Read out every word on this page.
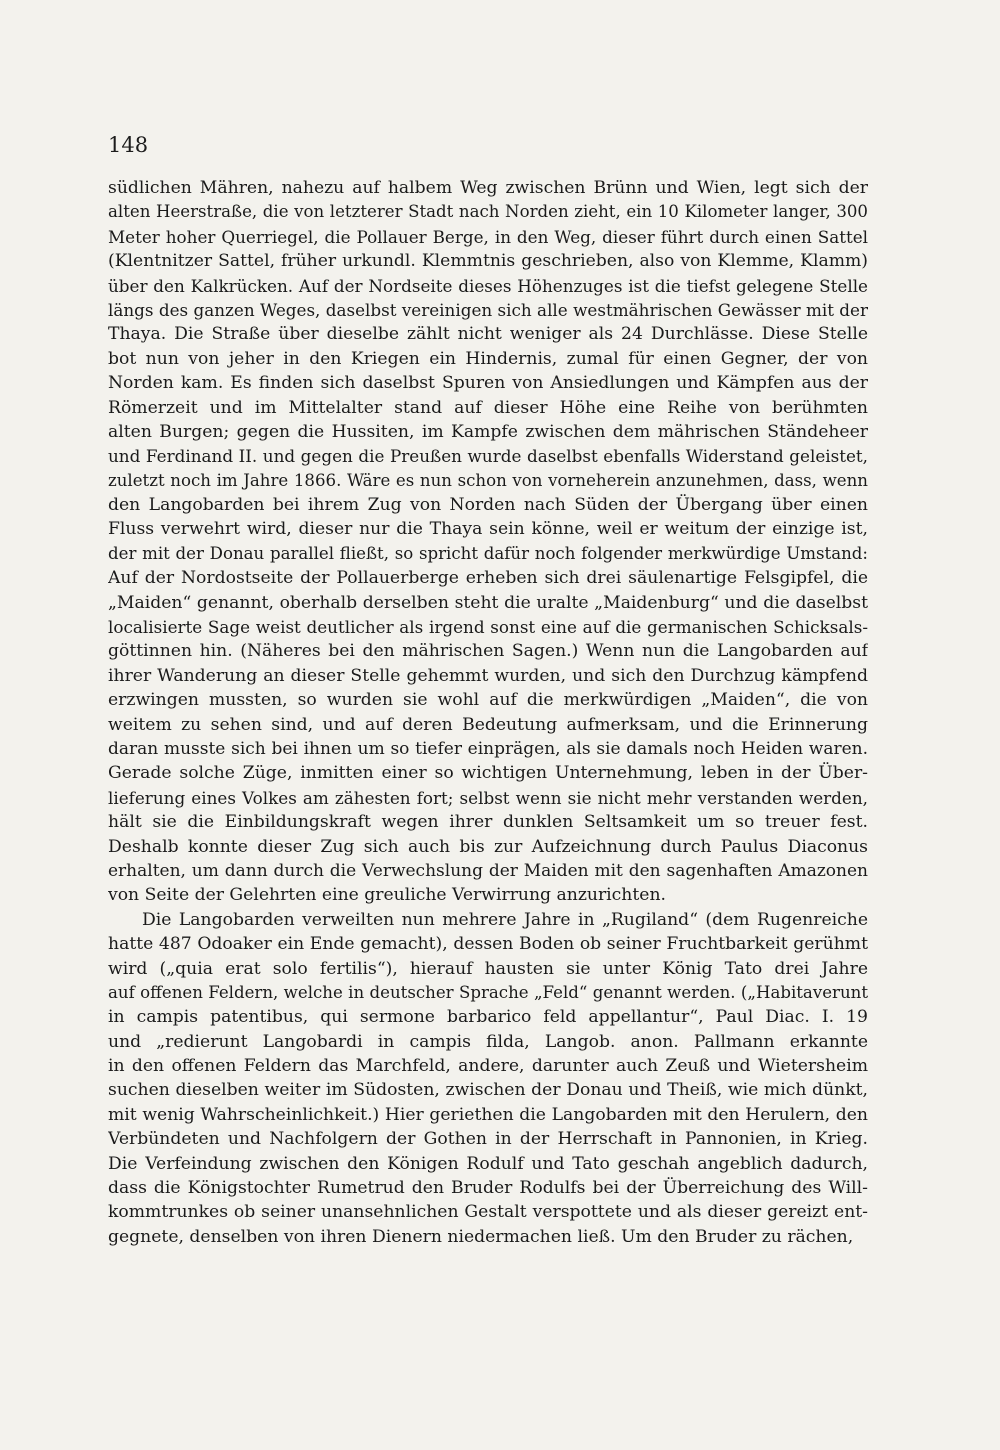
148
südlichen Mähren, nahezu auf halbem Weg zwischen Brünn und Wien, legt sich der
alten Heerstraße, die von letzterer Stadt nach Norden zieht, ein 10 Kilometer langer, 300
Meter hoher Querriegel, die Pollauer Berge, in den Weg, dieser führt durch einen Sattel
(Klentnitzer Sattel, früher urkundl. Klemmtnis geschrieben, also von Klemme, Klamm)
über den Kalkrücken. Auf der Nordseite dieses Höhenzuges ist die tiefst gelegene Stelle
längs des ganzen Weges, daselbst vereinigen sich alle westmährischen Gewässer mit der
Thaya. Die Straße über dieselbe zählt nicht weniger als 24 Durchlässe. Diese Stelle
bot nun von jeher in den Kriegen ein Hindernis, zumal für einen Gegner, der von
Norden kam. Es finden sich daselbst Spuren von Ansiedlungen und Kämpfen aus der
Römerzeit und im Mittelalter stand auf dieser Höhe eine Reihe von berühmten
alten Burgen; gegen die Hussiten, im Kampfe zwischen dem mährischen Ständeheer
und Ferdinand II. und gegen die Preußen wurde daselbst ebenfalls Widerstand geleistet,
zuletzt noch im Jahre 1866. Wäre es nun schon von vorneherein anzunehmen, dass, wenn
den Langobarden bei ihrem Zug von Norden nach Süden der Übergang über einen
Fluss verwehrt wird, dieser nur die Thaya sein könne, weil er weitum der einzige ist,
der mit der Donau parallel fließt, so spricht dafür noch folgender merkwürdige Umstand:
Auf der Nordostseite der Pollauerberge erheben sich drei säulenartige Felsgipfel, die
„Maiden“ genannt, oberhalb derselben steht die uralte „Maidenburg“ und die daselbst
localisierte Sage weist deutlicher als irgend sonst eine auf die germanischen Schicksals-
göttinnen hin. (Näheres bei den mährischen Sagen.) Wenn nun die Langobarden auf
ihrer Wanderung an dieser Stelle gehemmt wurden, und sich den Durchzug kämpfend
erzwingen mussten, so wurden sie wohl auf die merkwürdigen „Maiden“, die von
weitem zu sehen sind, und auf deren Bedeutung aufmerksam, und die Erinnerung
daran musste sich bei ihnen um so tiefer einprägen, als sie damals noch Heiden waren.
Gerade solche Züge, inmitten einer so wichtigen Unternehmung, leben in der Über-
lieferung eines Volkes am zähesten fort; selbst wenn sie nicht mehr verstanden werden,
hält sie die Einbildungskraft wegen ihrer dunklen Seltsamkeit um so treuer fest.
Deshalb konnte dieser Zug sich auch bis zur Aufzeichnung durch Paulus Diaconus
erhalten, um dann durch die Verwechslung der Maiden mit den sagenhaften Amazonen
von Seite der Gelehrten eine greuliche Verwirrung anzurichten.
Die Langobarden verweilten nun mehrere Jahre in „Rugiland“ (dem Rugenreiche
hatte 487 Odoaker ein Ende gemacht), dessen Boden ob seiner Fruchtbarkeit gerühmt
wird („quia erat solo fertilis“), hierauf hausten sie unter König Tato drei Jahre
auf offenen Feldern, welche in deutscher Sprache „Feld“ genannt werden. („Habitaverunt
in campis patentibus, qui sermone barbarico feld appellantur“, Paul Diac. I. 19
und „redierunt Langobardi in campis filda, Langob. anon. Pallmann erkannte
in den offenen Feldern das Marchfeld, andere, darunter auch Zeuß und Wietersheim
suchen dieselben weiter im Südosten, zwischen der Donau und Theiß, wie mich dünkt,
mit wenig Wahrscheinlichkeit.) Hier geriethen die Langobarden mit den Herulern, den
Verbündeten und Nachfolgern der Gothen in der Herrschaft in Pannonien, in Krieg.
Die Verfeindung zwischen den Königen Rodulf und Tato geschah angeblich dadurch,
dass die Königstochter Rumetrud den Bruder Rodulfs bei der Überreichung des Will-
kommtrunkes ob seiner unansehnlichen Gestalt verspottete und als dieser gereizt ent-
gegnete, denselben von ihren Dienern niedermachen ließ. Um den Bruder zu rächen,
